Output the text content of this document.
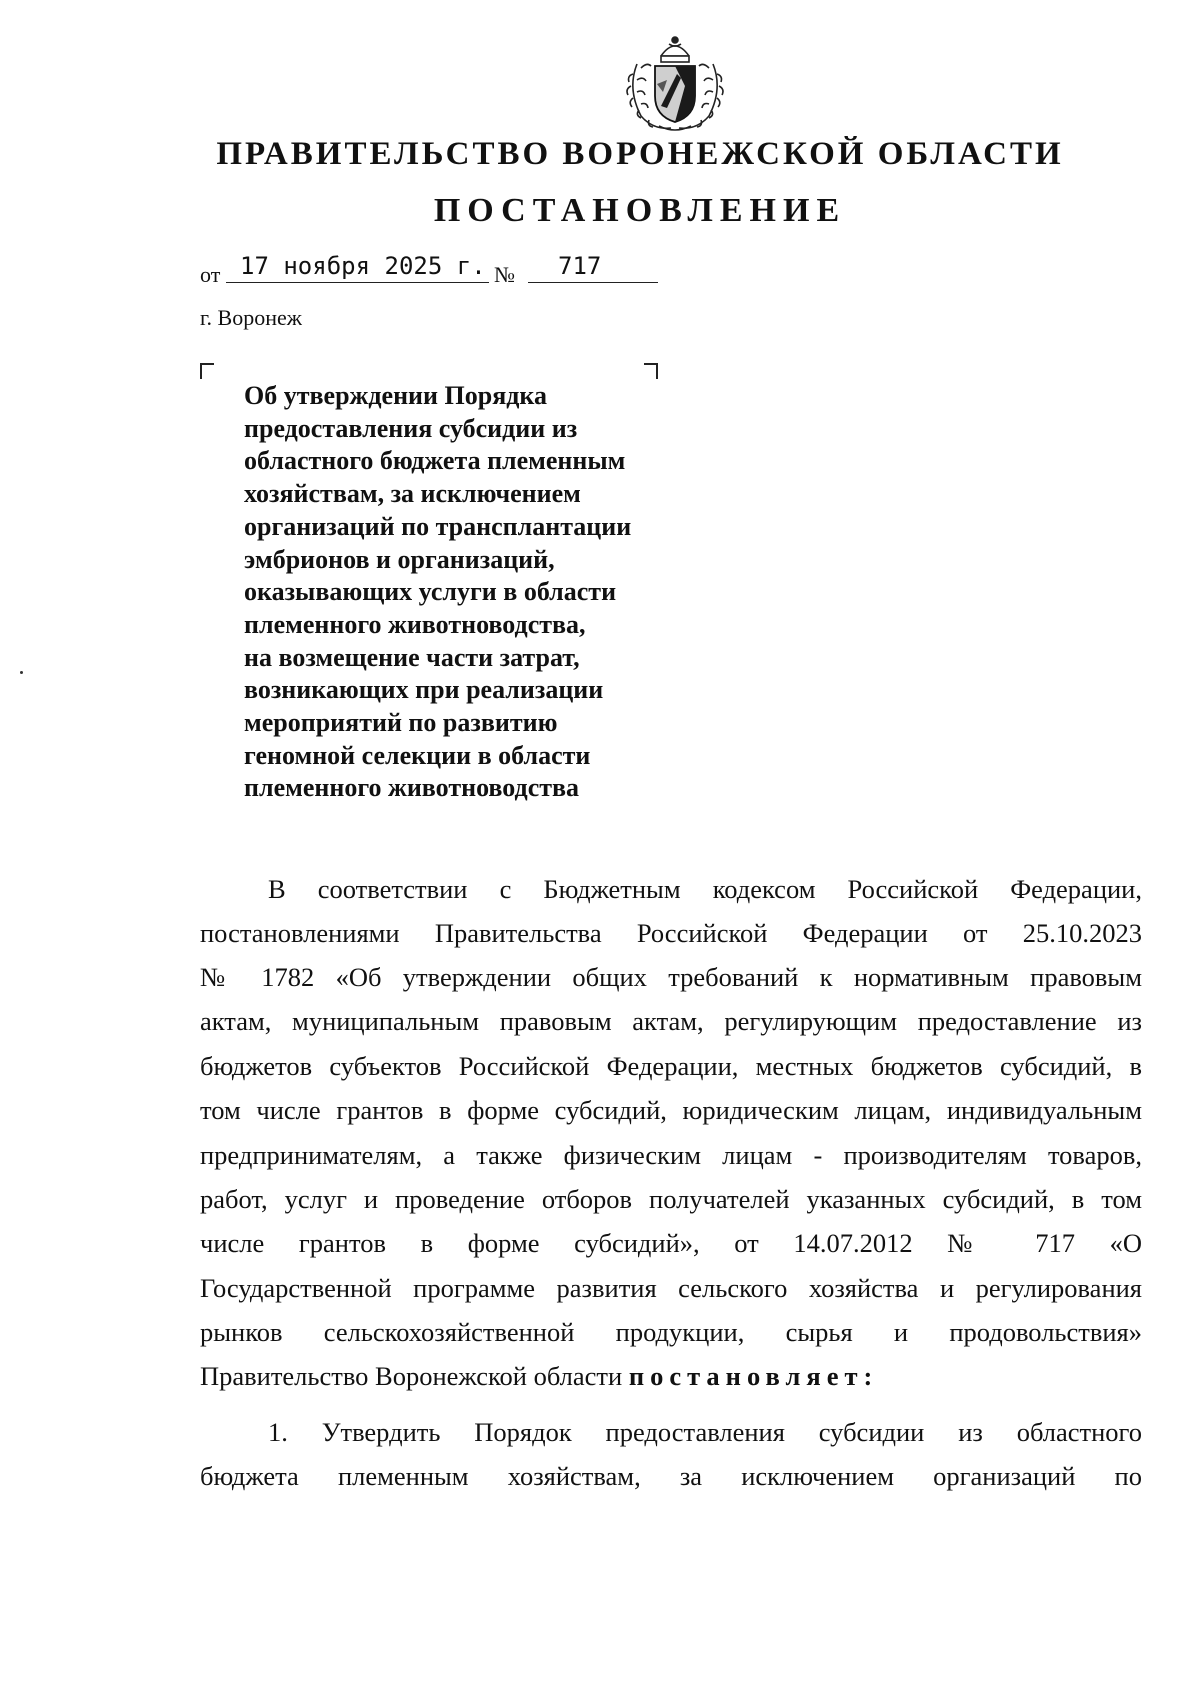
ПРАВИТЕЛЬСТВО ВОРОНЕЖСКОЙ ОБЛАСТИ
ПОСТАНОВЛЕНИЕ
от 17 ноября 2025 г. №	717
г. Воронеж

Об утверждении Порядка
предоставления субсидии из
областного бюджета племенным
хозяйствам, за исключением
организаций по трансплантации
эмбрионов и организаций,
оказывающих услуги в области
племенного животноводства,
на возмещение части затрат,
возникающих при реализации
мероприятий по развитию
геномной селекции в области
племенного животноводства

В соответствии с Бюджетным кодексом Российской Федерации,
постановлениями Правительства Российской Федерации от 25.10.2023
№ 1782 «Об утверждении общих требований к нормативным правовым
актам, муниципальным правовым актам, регулирующим предоставление из
бюджетов субъектов Российской Федерации, местных бюджетов субсидий, в
том числе грантов в форме субсидий, юридическим лицам, индивидуальным
предпринимателям, а также физическим лицам - производителям товаров,
работ, услуг и проведение отборов получателей указанных субсидий, в том
числе грантов в форме субсидий», от 14.07.2012 № 717 «О
Государственной программе развития сельского хозяйства и регулирования
рынков сельскохозяйственной продукции, сырья и продовольствия»
Правительство Воронежской области постановляет:
1. Утвердить Порядок предоставления субсидии из областного
бюджета племенным хозяйствам, за исключением организаций по
